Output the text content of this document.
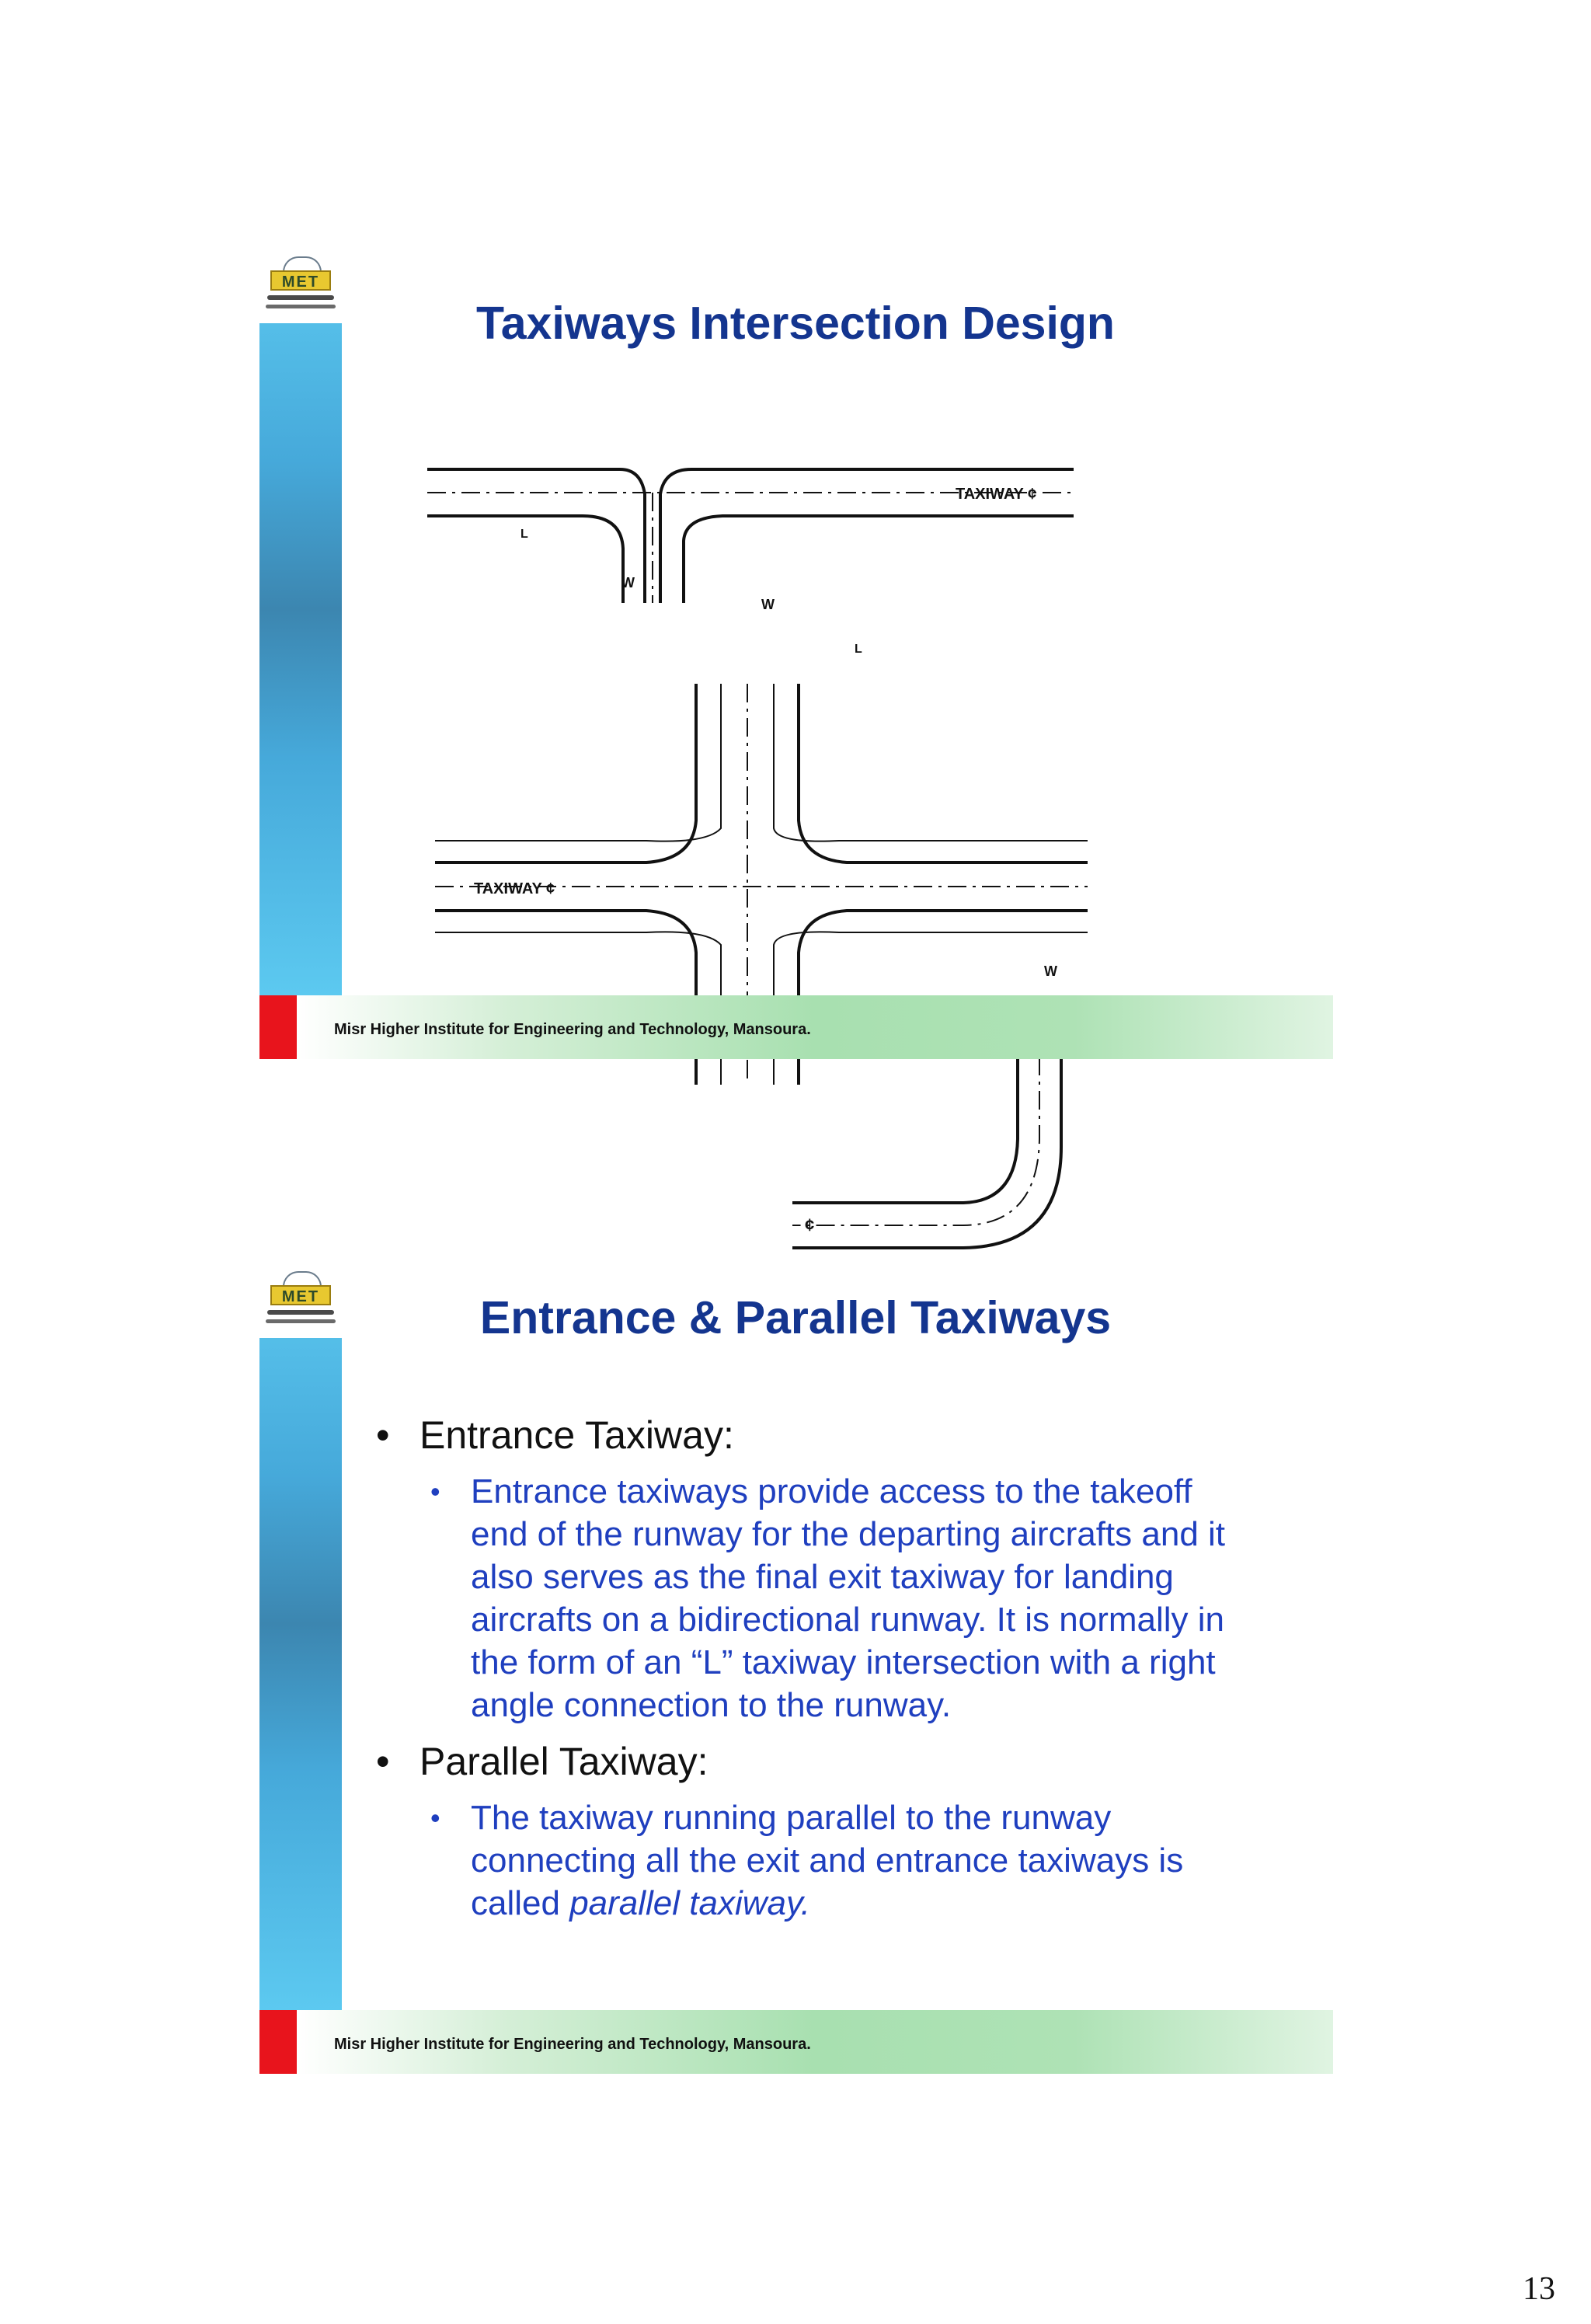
MET
Taxiways Intersection Design
TAXIWAY ¢
TAXIWAY ¢
W
W
W
L
L
¢
Misr Higher Institute for Engineering and Technology, Mansoura.
MET	Entrance & Parallel Taxiways
• Entrance Taxiway:
• Entrance taxiways provide access to the takeoff end of the runway for the departing aircrafts and it also serves as the final exit taxiway for landing aircrafts on a bidirectional runway. It is normally in the form of an “L” taxiway intersection with a right angle connection to the runway.
• Parallel Taxiway:
• The taxiway running parallel to the runway connecting all the exit and entrance taxiways is called parallel taxiway.
Misr Higher Institute for Engineering and Technology, Mansoura.
13
